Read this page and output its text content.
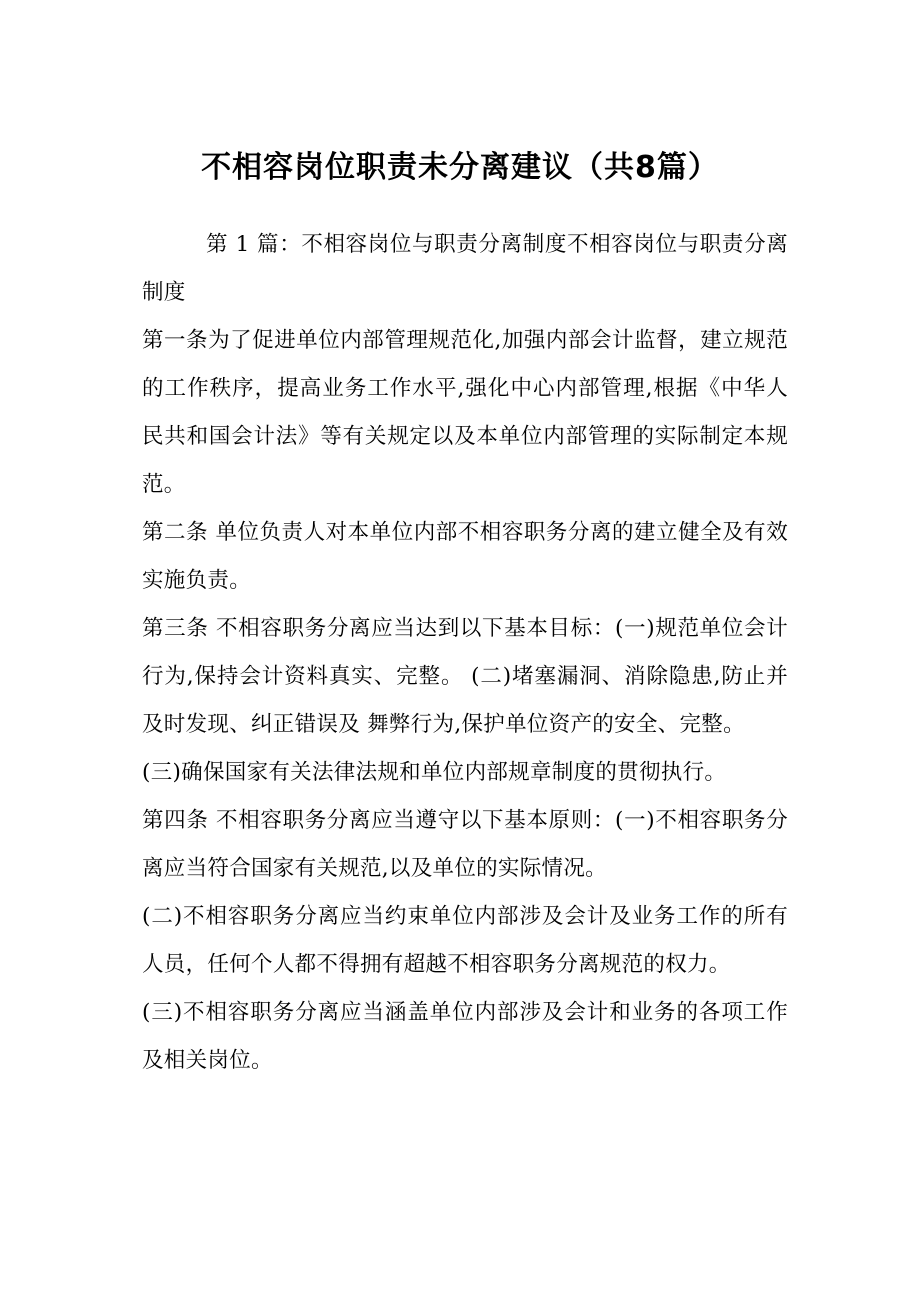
不相容岗位职责未分离建议（共8篇）

第 1 篇：不相容岗位与职责分离制度不相容岗位与职责分离制度

第一条为了促进单位内部管理规范化,加强内部会计监督，建立规范的工作秩序，提高业务工作水平,强化中心内部管理,根据《中华人民共和国会计法》等有关规定以及本单位内部管理的实际制定本规范。

第二条 单位负责人对本单位内部不相容职务分离的建立健全及有效实施负责。

第三条 不相容职务分离应当达到以下基本目标：(一)规范单位会计行为,保持会计资料真实、完整。 (二)堵塞漏洞、消除隐患,防止并及时发现、纠正错误及 舞弊行为,保护单位资产的安全、完整。

(三)确保国家有关法律法规和单位内部规章制度的贯彻执行。

第四条 不相容职务分离应当遵守以下基本原则：(一)不相容职务分离应当符合国家有关规范,以及单位的实际情况。

(二)不相容职务分离应当约束单位内部涉及会计及业务工作的所有人员，任何个人都不得拥有超越不相容职务分离规范的权力。

(三)不相容职务分离应当涵盖单位内部涉及会计和业务的各项工作及相关岗位。
